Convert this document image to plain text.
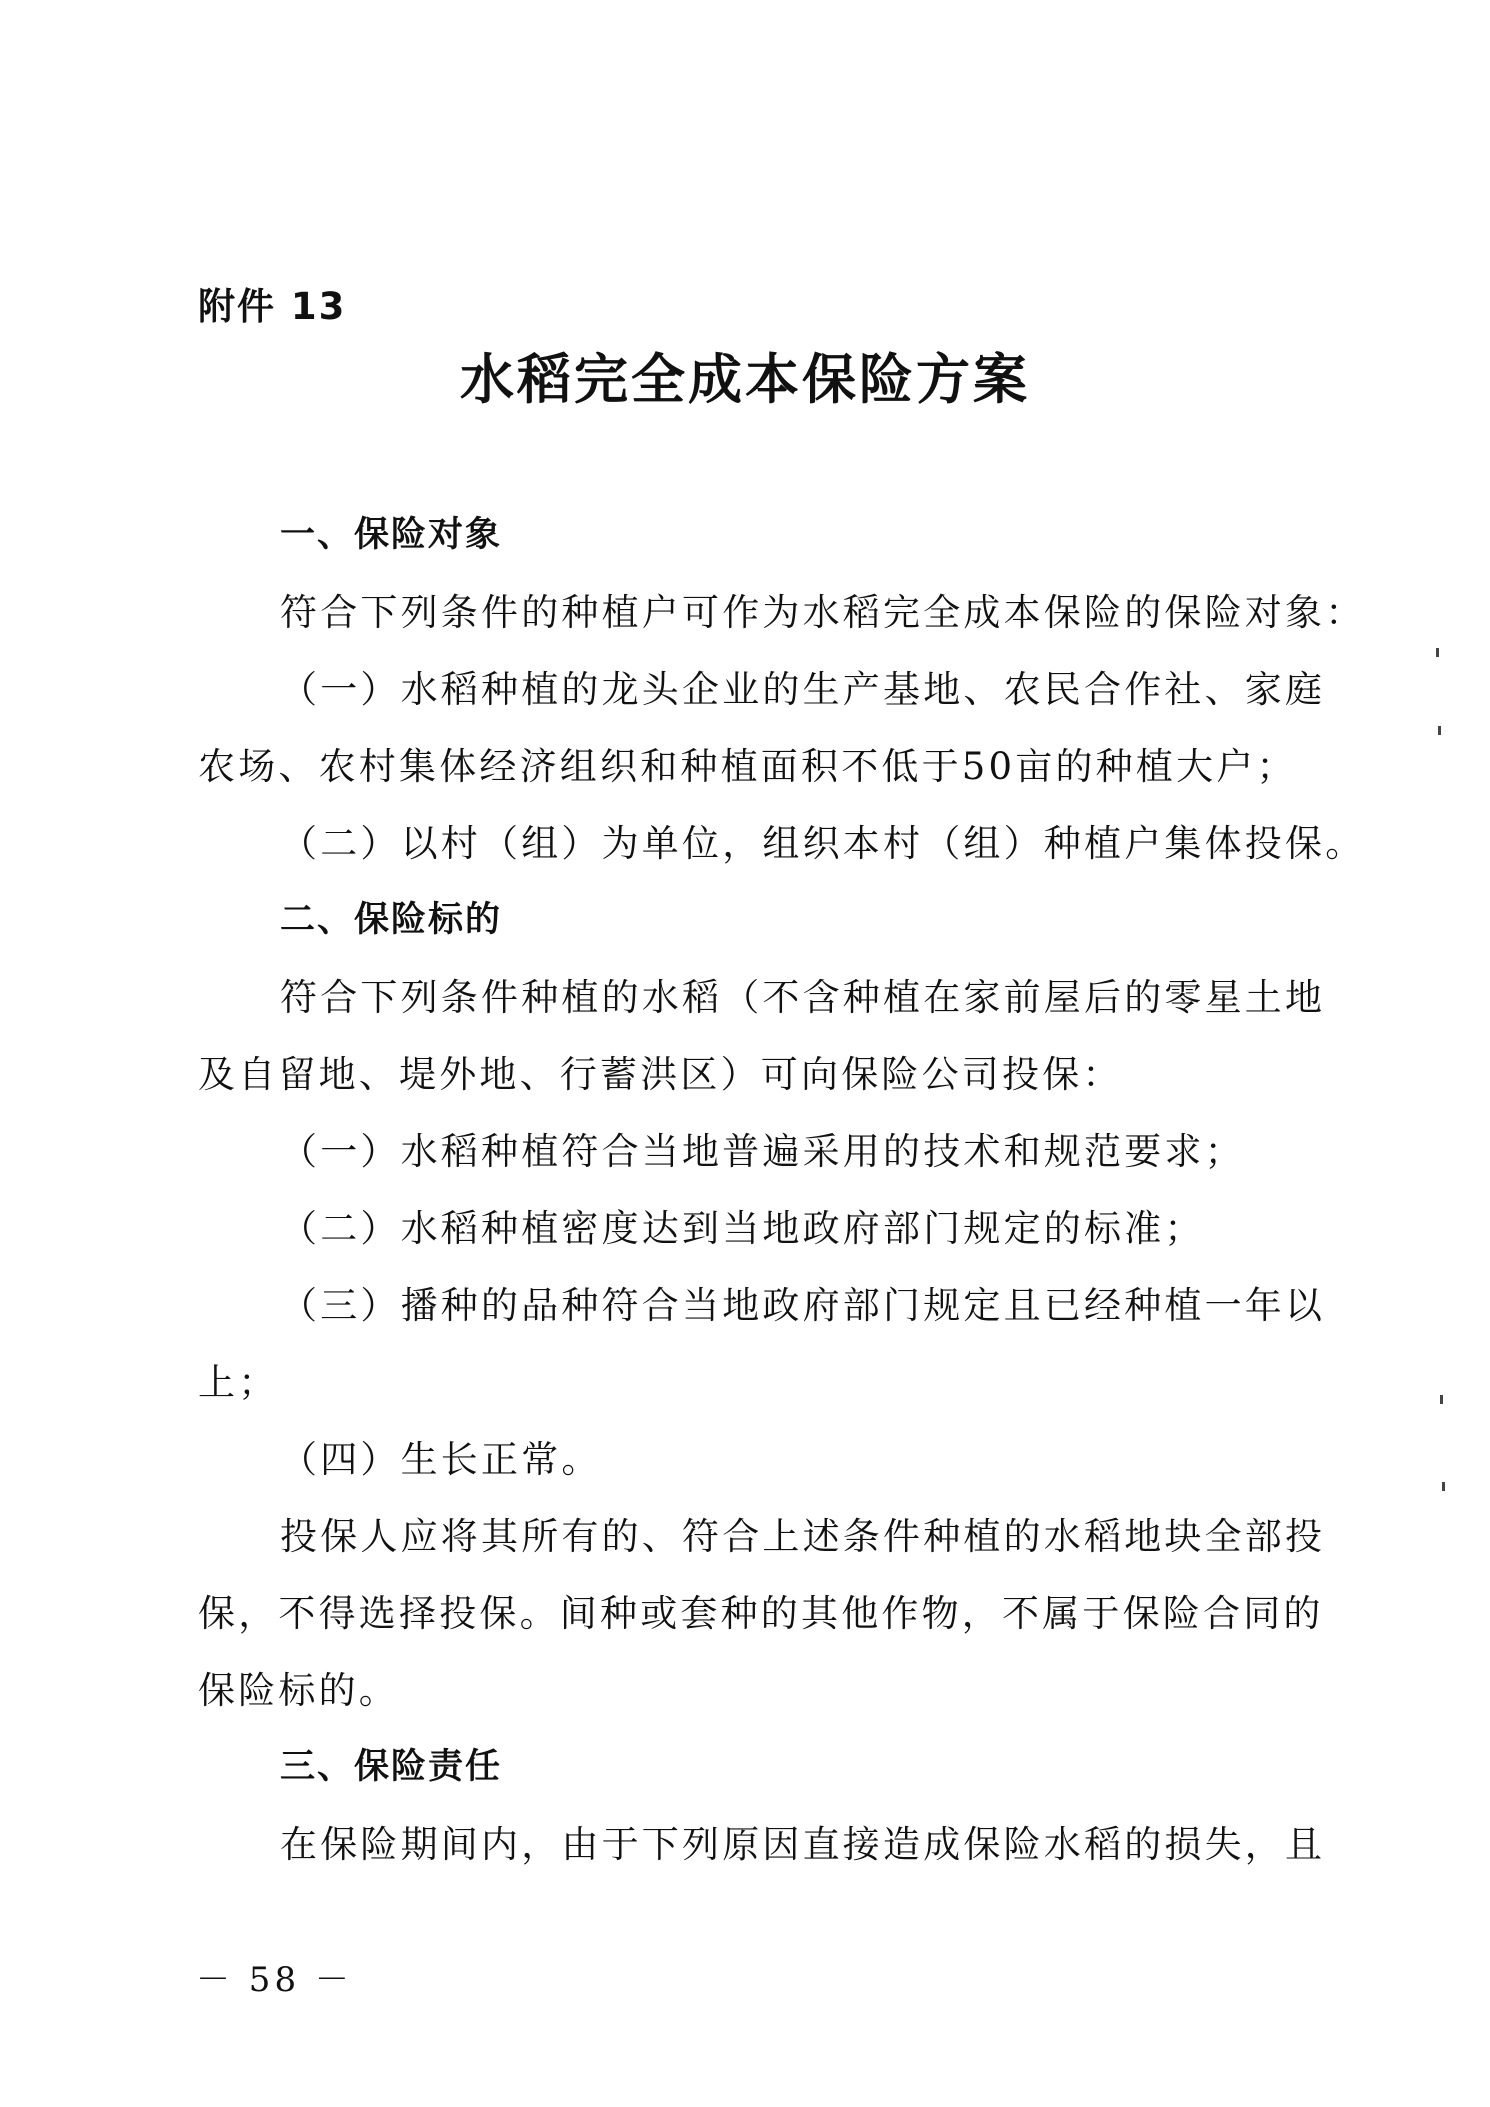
附件 13
水稻完全成本保险方案
一、保险对象
符合下列条件的种植户可作为水稻完全成本保险的保险对象：
（一）水稻种植的龙头企业的生产基地、农民合作社、家庭
农场、农村集体经济组织和种植面积不低于50亩的种植大户；
（二）以村（组）为单位，组织本村（组）种植户集体投保。
二、保险标的
符合下列条件种植的水稻（不含种植在家前屋后的零星土地
及自留地、堤外地、行蓄洪区）可向保险公司投保：
（一）水稻种植符合当地普遍采用的技术和规范要求；
（二）水稻种植密度达到当地政府部门规定的标准；
（三）播种的品种符合当地政府部门规定且已经种植一年以
上；
（四）生长正常。
投保人应将其所有的、符合上述条件种植的水稻地块全部投
保，不得选择投保。间种或套种的其他作物，不属于保险合同的
保险标的。
三、保险责任
在保险期间内，由于下列原因直接造成保险水稻的损失，且
－ 58 －
